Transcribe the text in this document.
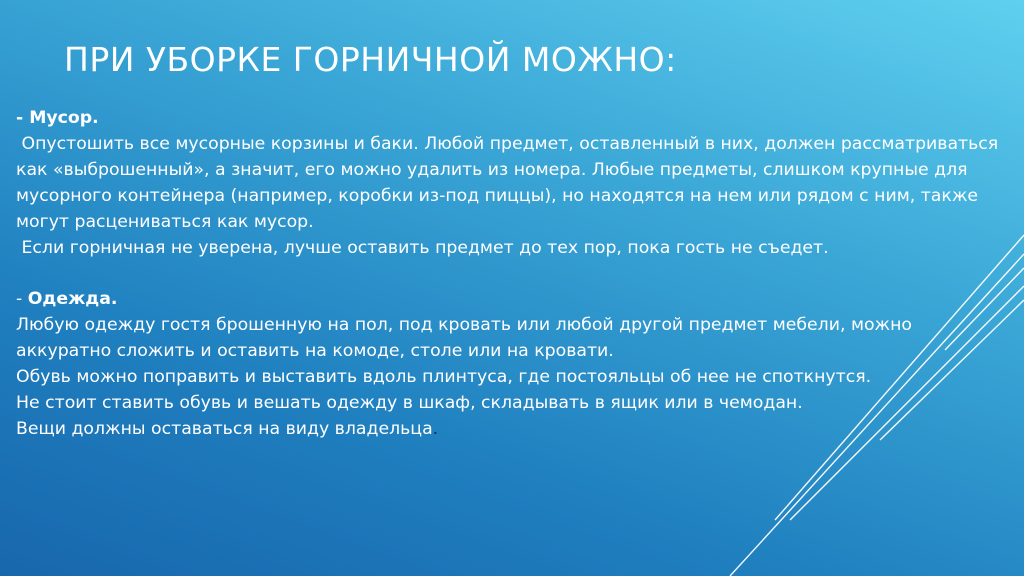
ПРИ УБОРКЕ ГОРНИЧНОЙ МОЖНО:

- Мусор.

Опустошить все мусорные корзины и баки. Любой предмет, оставленный в них, должен рассматриваться как «выброшенный», а значит, его можно удалить из номера. Любые предметы, слишком крупные для мусорного контейнера (например, коробки из-под пиццы), но находятся на нем или рядом с ним, также могут расцениваться как мусор.

Если горничная не уверена, лучше оставить предмет до тех пор, пока гость не съедет.

- Одежда.

Любую одежду гостя брошенную на пол, под кровать или любой другой предмет мебели, можно аккуратно сложить и оставить на комоде, столе или на кровати.

Обувь можно поправить и выставить вдоль плинтуса, где постояльцы об нее не споткнутся.

Не стоит ставить обувь и вешать одежду в шкаф, складывать в ящик или в чемодан.

Вещи должны оставаться на виду владельца.
